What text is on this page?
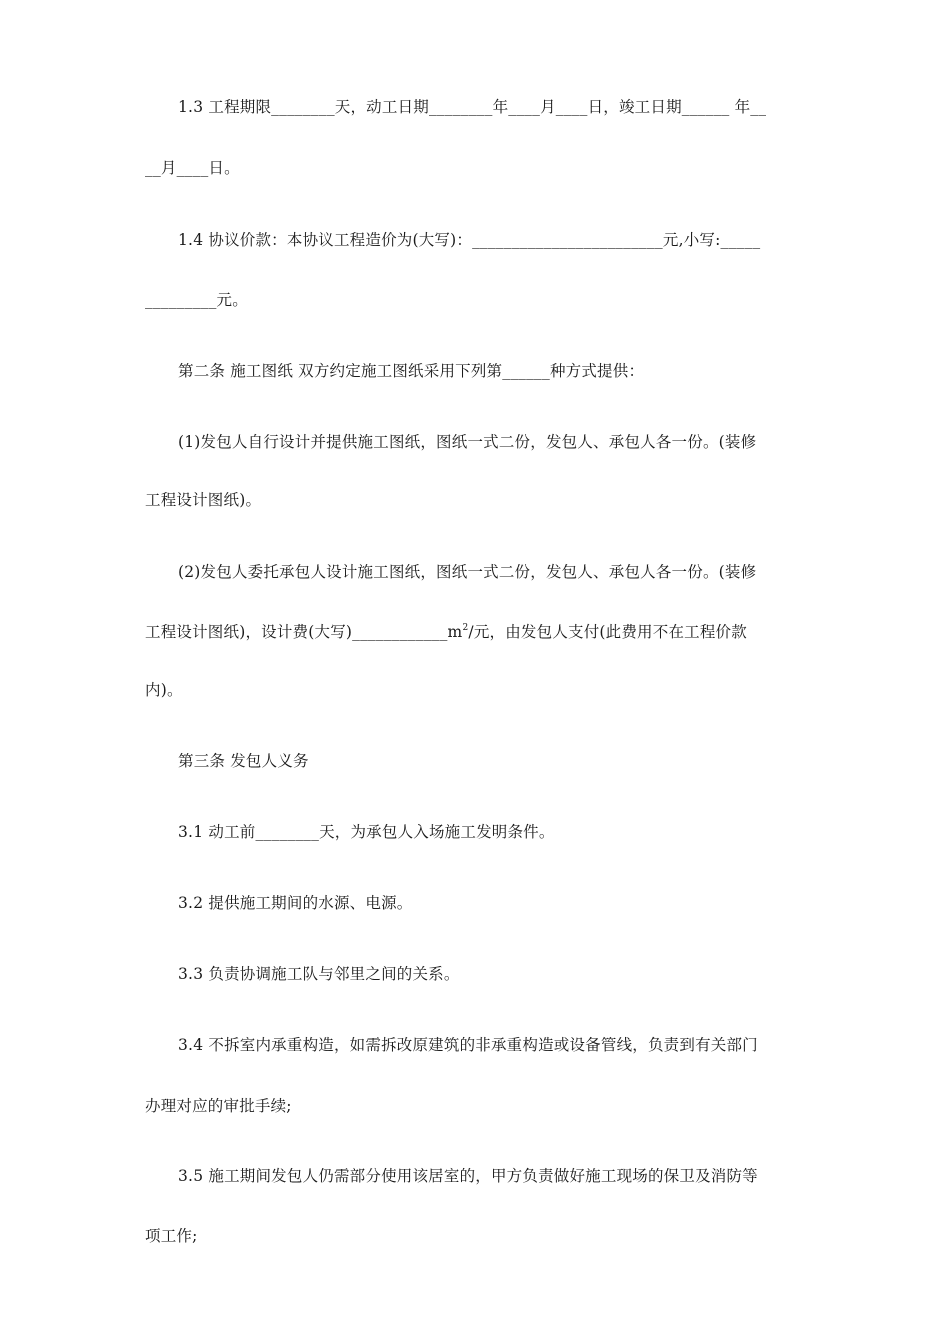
1.3 工程期限________天，动工日期________年____月____日，竣工日期______ 年__
__月____日。
1.4 协议价款：本协议工程造价为(大写)：________________________元,小写:_____
_________元。
第二条 施工图纸 双方约定施工图纸采用下列第______种方式提供：
(1)发包人自行设计并提供施工图纸，图纸一式二份，发包人、承包人各一份。(装修
工程设计图纸)。
(2)发包人委托承包人设计施工图纸，图纸一式二份，发包人、承包人各一份。(装修
工程设计图纸)，设计费(大写)$\_\_\_\_\_\_\_\_\_\_\_\_m^2/$元，由发包人支付(此费用不在工程价款
内)。
第三条 发包人义务
3.1 动工前________天，为承包人入场施工发明条件。
3.2 提供施工期间的水源、电源。
3.3 负责协调施工队与邻里之间的关系。
3.4 不拆室内承重构造，如需拆改原建筑的非承重构造或设备管线，负责到有关部门
办理对应的审批手续;
3.5 施工期间发包人仍需部分使用该居室的，甲方负责做好施工现场的保卫及消防等
项工作;
